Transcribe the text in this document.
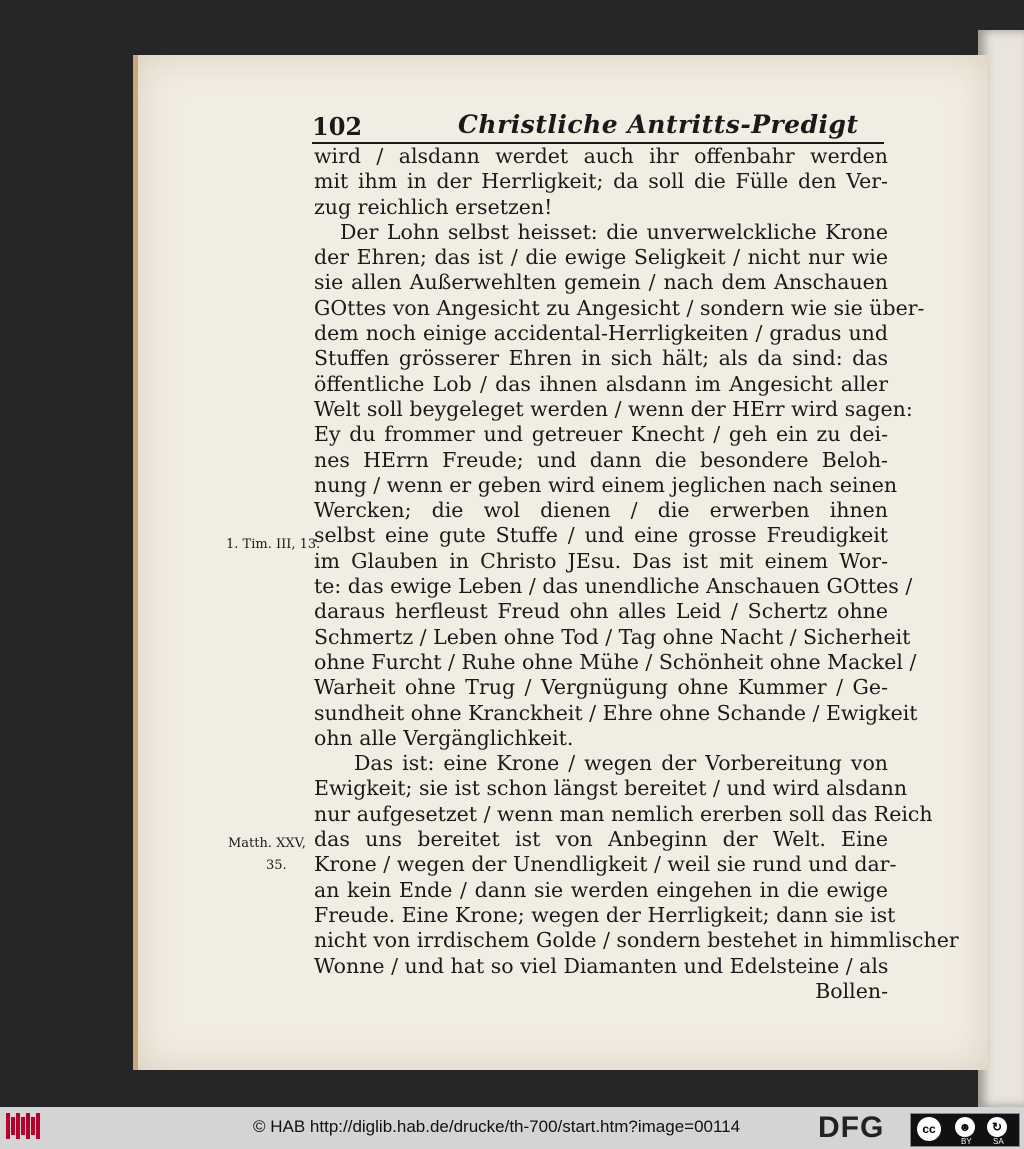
102	Christliche Antritts-Predigt
wird / alsdann werdet auch ihr offenbahr werden
mit ihm in der Herrligkeit; da soll die Fülle den Ver-
zug reichlich ersetzen!
Der Lohn selbst heisset: die unverwelckliche Krone
der Ehren; das ist / die ewige Seligkeit / nicht nur wie
sie allen Außerwehlten gemein / nach dem Anschauen
GOttes von Angesicht zu Angesicht / sondern wie sie über-
dem noch einige accidental-Herrligkeiten / gradus und
Stuffen grösserer Ehren in sich hält; als da sind: das
öffentliche Lob / das ihnen alsdann im Angesicht aller
Welt soll beygeleget werden / wenn der HErr wird sagen:
Ey du frommer und getreuer Knecht / geh ein zu dei-
nes HErrn Freude; und dann die besondere Beloh-
nung / wenn er geben wird einem jeglichen nach seinen
Wercken; die wol dienen / die erwerben ihnen
selbst eine gute Stuffe / und eine grosse Freudigkeit
im Glauben in Christo JEsu. Das ist mit einem Wor-
te: das ewige Leben / das unendliche Anschauen GOttes /
daraus herfleust Freud ohn alles Leid / Schertz ohne
Schmertz / Leben ohne Tod / Tag ohne Nacht / Sicherheit
ohne Furcht / Ruhe ohne Mühe / Schönheit ohne Mackel /
Warheit ohne Trug / Vergnügung ohne Kummer / Ge-
sundheit ohne Kranckheit / Ehre ohne Schande / Ewigkeit
ohn alle Vergänglichkeit.
Das ist: eine Krone / wegen der Vorbereitung von
Ewigkeit; sie ist schon längst bereitet / und wird alsdann
nur aufgesetzet / wenn man nemlich ererben soll das Reich
das uns bereitet ist von Anbeginn der Welt. Eine
Krone / wegen der Unendligkeit / weil sie rund und dar-
an kein Ende / dann sie werden eingehen in die ewige
Freude. Eine Krone; wegen der Herrligkeit; dann sie ist
nicht von irrdischem Golde / sondern bestehet in himmlischer
Wonne / und hat so viel Diamanten und Edelsteine / als
Bollen-
1. Tim. III, 13.
Matth. XXV,
35.
© HAB http://diglib.hab.de/drucke/th-700/start.htm?image=00114	DFG	cc	☻	↻
BY	SA
